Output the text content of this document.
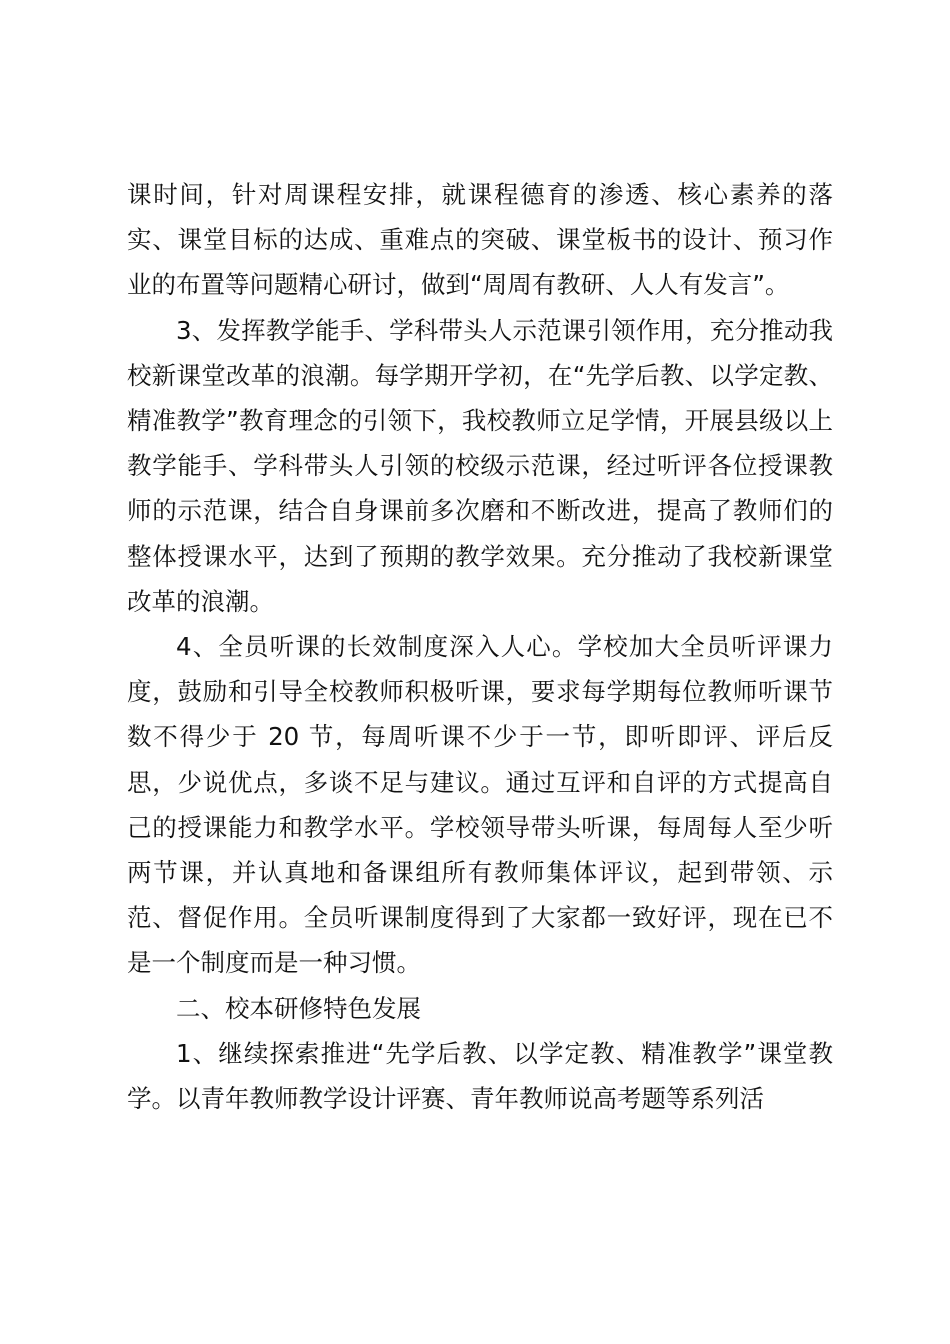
课时间，针对周课程安排，就课程德育的渗透、核心素养的落实、课堂目标的达成、重难点的突破、课堂板书的设计、预习作业的布置等问题精心研讨，做到“周周有教研、人人有发言”。

3、发挥教学能手、学科带头人示范课引领作用，充分推动我校新课堂改革的浪潮。每学期开学初，在“先学后教、以学定教、精准教学”教育理念的引领下，我校教师立足学情，开展县级以上教学能手、学科带头人引领的校级示范课，经过听评各位授课教师的示范课，结合自身课前多次磨和不断改进，提高了教师们的整体授课水平，达到了预期的教学效果。充分推动了我校新课堂改革的浪潮。

4、全员听课的长效制度深入人心。学校加大全员听评课力度，鼓励和引导全校教师积极听课，要求每学期每位教师听课节数不得少于 20 节，每周听课不少于一节，即听即评、评后反思，少说优点，多谈不足与建议。通过互评和自评的方式提高自己的授课能力和教学水平。学校领导带头听课，每周每人至少听两节课，并认真地和备课组所有教师集体评议，起到带领、示范、督促作用。全员听课制度得到了大家都一致好评，现在已不是一个制度而是一种习惯。

二、校本研修特色发展

1、继续探索推进“先学后教、以学定教、精准教学”课堂教学。以青年教师教学设计评赛、青年教师说高考题等系列活
